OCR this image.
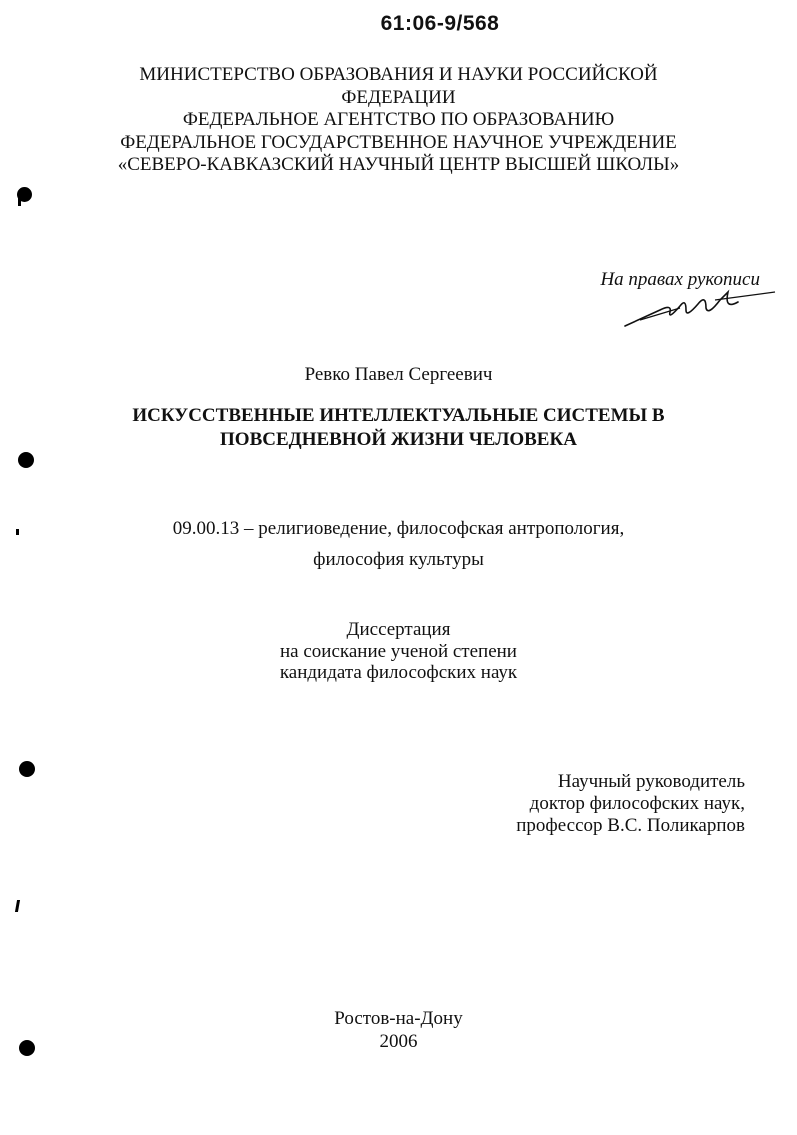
61:06-9/568
МИНИСТЕРСТВО ОБРАЗОВАНИЯ И НАУКИ РОССИЙСКОЙ
ФЕДЕРАЦИИ
ФЕДЕРАЛЬНОЕ АГЕНТСТВО ПО ОБРАЗОВАНИЮ
ФЕДЕРАЛЬНОЕ ГОСУДАРСТВЕННОЕ НАУЧНОЕ УЧРЕЖДЕНИЕ
«СЕВЕРО-КАВКАЗСКИЙ НАУЧНЫЙ ЦЕНТР ВЫСШЕЙ ШКОЛЫ»
На правах рукописи
Ревко Павел Сергеевич
ИСКУССТВЕННЫЕ ИНТЕЛЛЕКТУАЛЬНЫЕ СИСТЕМЫ В
ПОВСЕДНЕВНОЙ ЖИЗНИ ЧЕЛОВЕКА
09.00.13 – религиоведение, философская антропология,
философия культуры
Диссертация
на соискание ученой степени
кандидата философских наук
Научный руководитель
доктор философских наук,
профессор В.С. Поликарпов
Ростов-на-Дону
2006
